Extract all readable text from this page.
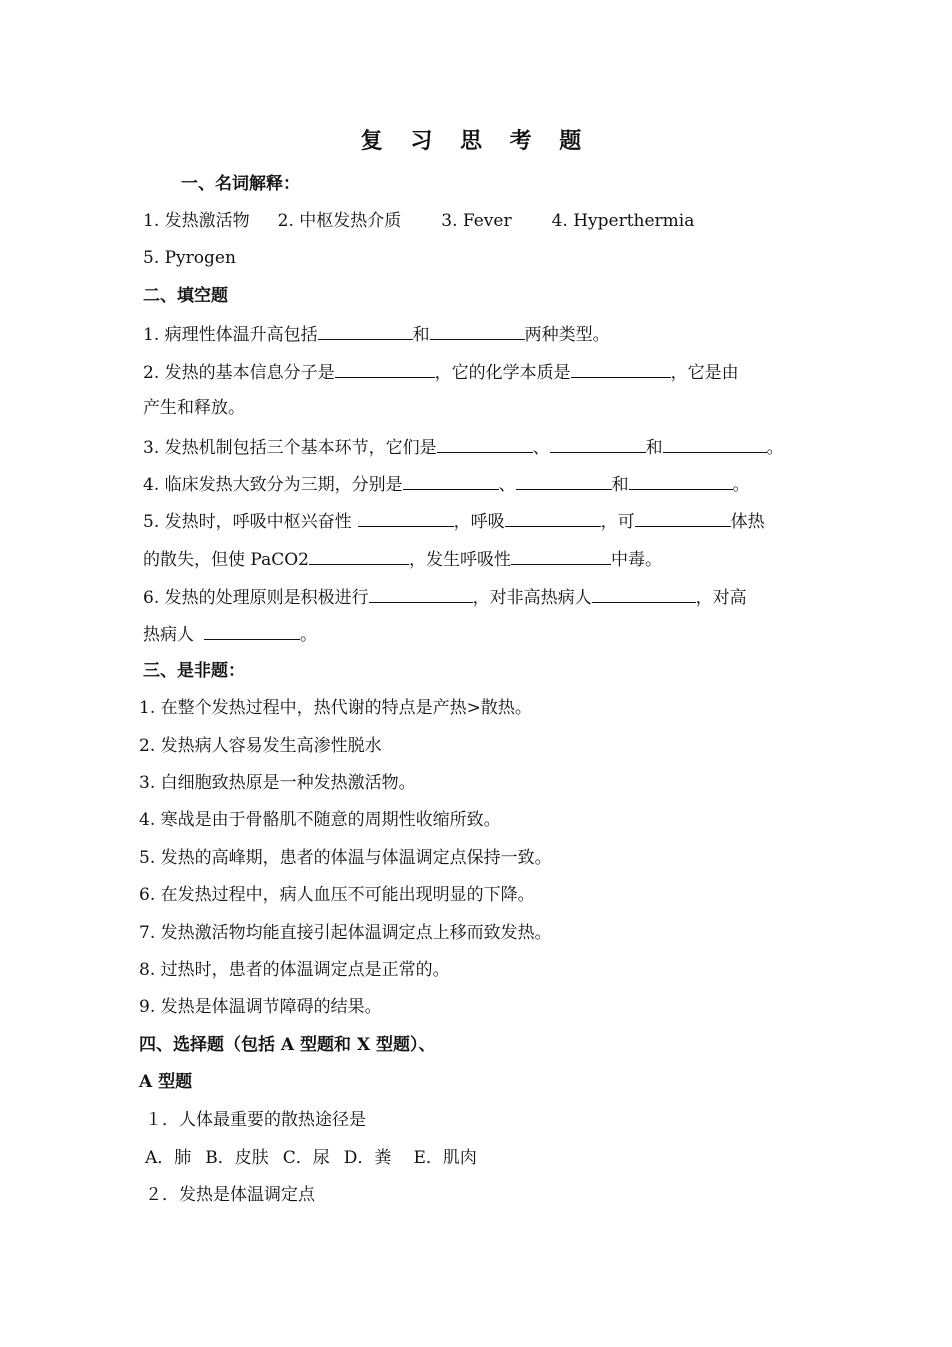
复 习 思 考 题
一、名词解释：
1. 发热激活物 2. 中枢发热介质 3. Fever 4. Hyperthermia
5. Pyrogen
二、填空题
1. 病理性体温升高包括	和	两种类型。
2. 发热的基本信息分子是	，它的化学本质是	，它是由
产生和释放。
3. 发热机制包括三个基本环节，它们是	、	和	。
4. 临床发热大致分为三期，分别是	、	和	。
5. 发热时，呼吸中枢兴奋性	，呼吸	，可	体热
的散失，但使 PaCO2	，发生呼吸性	中毒。
6. 发热的处理原则是积极进行	，对非高热病人	，对高
热病人	。
三、是非题：
1. 在整个发热过程中，热代谢的特点是产热>散热。
2. 发热病人容易发生高渗性脱水
3. 白细胞致热原是一种发热激活物。
4. 寒战是由于骨骼肌不随意的周期性收缩所致。
5. 发热的高峰期，患者的体温与体温调定点保持一致。
6. 在发热过程中，病人血压不可能出现明显的下降。
7. 发热激活物均能直接引起体温调定点上移而致发热。
8. 过热时，患者的体温调定点是正常的。
9. 发热是体温调节障碍的结果。
四、选择题（包括 A 型题和 X 型题）、
A 型题
１．人体最重要的散热途径是
A．肺 B．皮肤 C．尿 D．粪 E．肌肉
２．发热是体温调定点
